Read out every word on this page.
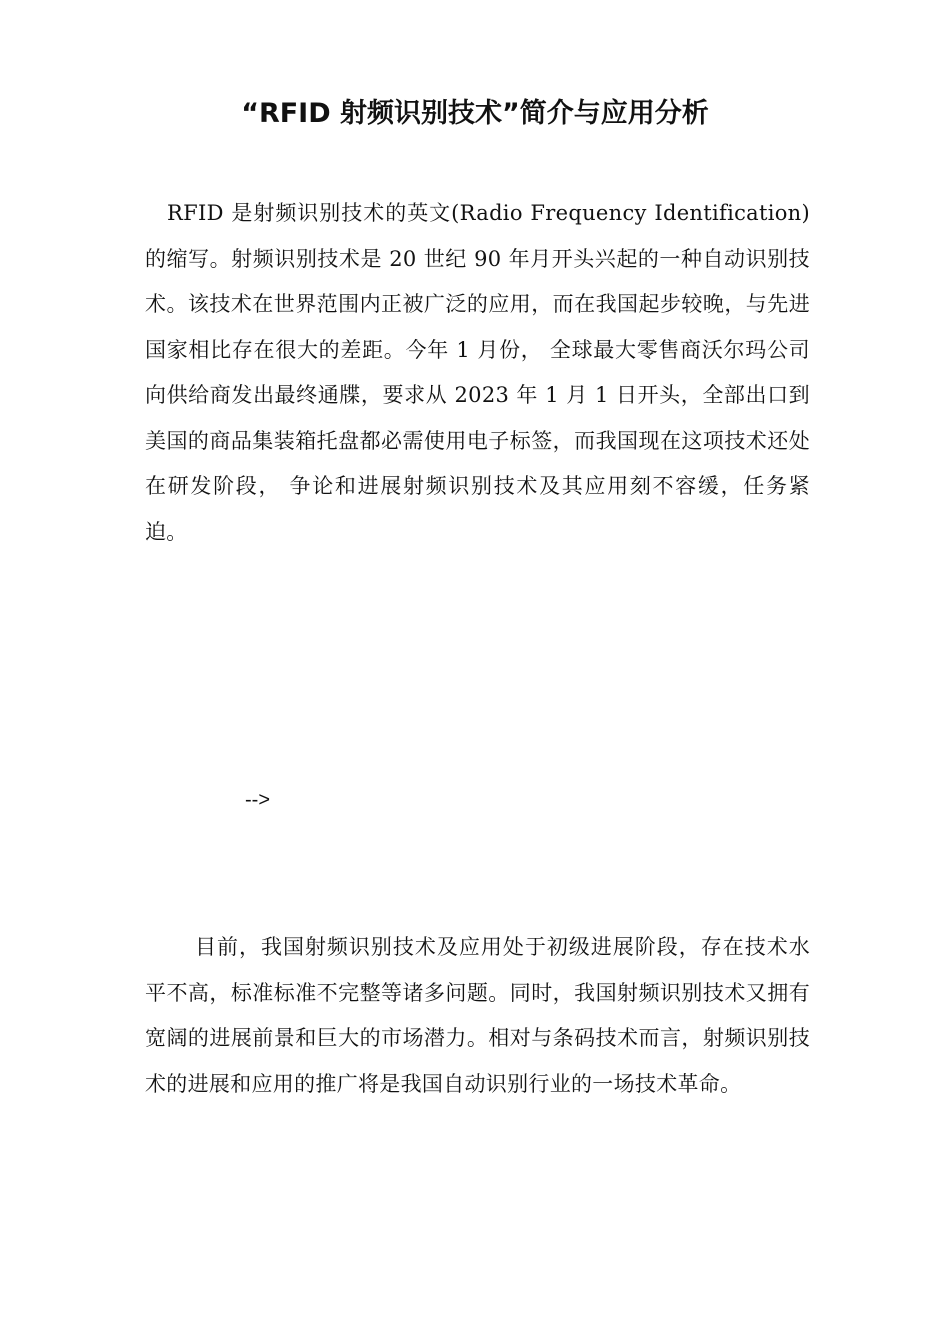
“RFID 射频识别技术”简介与应用分析

RFID 是射频识别技术的英文(Radio Frequency Identification) 的缩写。射频识别技术是 20 世纪 90 年月开头兴起的一种自动识别技术。该技术在世界范围内正被广泛的应用，而在我国起步较晚，与先进国家相比存在很大的差距。今年 1 月份， 全球最大零售商沃尔玛公司向供给商发出最终通牒，要求从 2023 年 1 月 1 日开头，全部出口到美国的商品集装箱托盘都必需使用电子标签，而我国现在这项技术还处在研发阶段， 争论和进展射频识别技术及其应用刻不容缓，任务紧迫。

-->

目前，我国射频识别技术及应用处于初级进展阶段，存在技术水平不高，标准标准不完整等诸多问题。同时，我国射频识别技术又拥有宽阔的进展前景和巨大的市场潜力。相对与条码技术而言，射频识别技术的进展和应用的推广将是我国自动识别行业的一场技术革命。
